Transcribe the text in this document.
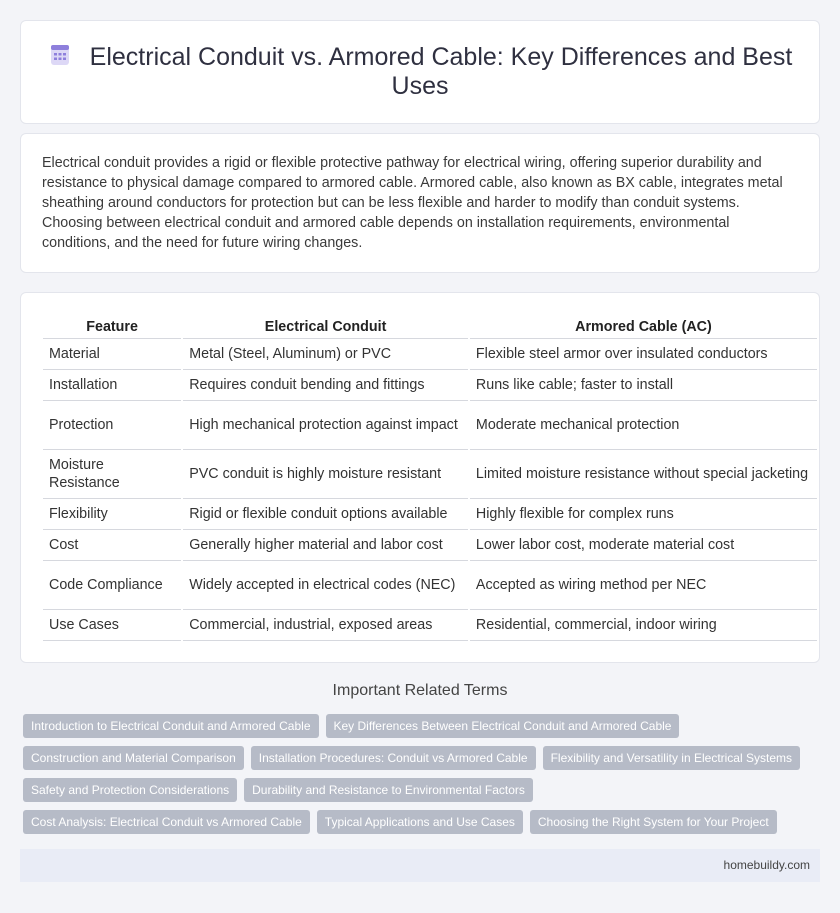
Electrical Conduit vs. Armored Cable: Key Differences and Best
Uses

Electrical conduit provides a rigid or flexible protective pathway for electrical wiring, offering superior durability and resistance to physical damage compared to armored cable. Armored cable, also known as BX cable, integrates metal sheathing around conductors for protection but can be less flexible and harder to modify than conduit systems. Choosing between electrical conduit and armored cable depends on installation requirements, environmental conditions, and the need for future wiring changes.

Feature	Electrical Conduit	Armored Cable (AC)
Material	Metal (Steel, Aluminum) or PVC	Flexible steel armor over insulated conductors
Installation	Requires conduit bending and fittings	Runs like cable; faster to install
Protection	High mechanical protection against impact	Moderate mechanical protection
Moisture Resistance	PVC conduit is highly moisture resistant	Limited moisture resistance without special jacketing
Flexibility	Rigid or flexible conduit options available	Highly flexible for complex runs
Cost	Generally higher material and labor cost	Lower labor cost, moderate material cost
Code Compliance	Widely accepted in electrical codes (NEC)	Accepted as wiring method per NEC
Use Cases	Commercial, industrial, exposed areas	Residential, commercial, indoor wiring
Important Related Terms
Introduction to Electrical Conduit and Armored Cable Key Differences Between Electrical Conduit and Armored Cable
Construction and Material Comparison Installation Procedures: Conduit vs Armored Cable Flexibility and Versatility in Electrical Systems
Safety and Protection Considerations Durability and Resistance to Environmental Factors
Cost Analysis: Electrical Conduit vs Armored Cable Typical Applications and Use Cases Choosing the Right System for Your Project
homebuildy.com
